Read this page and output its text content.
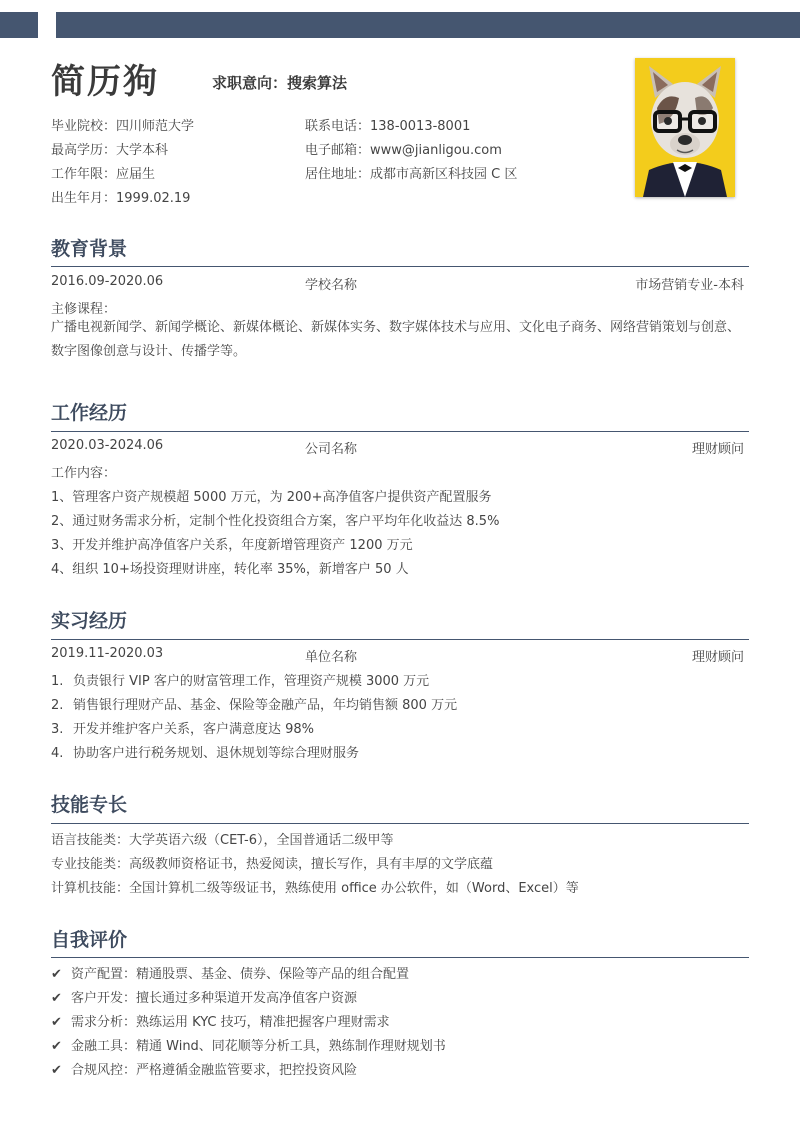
简历狗	求职意向：搜索算法
毕业院校：四川师范大学
最高学历：大学本科
工作年限：应届生
出生年月：1999.02.19
联系电话：138-0013-8001
电子邮箱：www@jianligou.com
居住地址：成都市高新区科技园 C 区
教育背景
2016.09-2020.06	学校名称	市场营销专业-本科
主修课程：
广播电视新闻学、新闻学概论、新媒体概论、新媒体实务、数字媒体技术与应用、文化电子商务、网络营销策划与创意、数字图像创意与设计、传播学等。
工作经历
2020.03-2024.06	公司名称	理财顾问
工作内容：
1、管理客户资产规模超 5000 万元，为 200+高净值客户提供资产配置服务
2、通过财务需求分析，定制个性化投资组合方案，客户平均年化收益达 8.5%
3、开发并维护高净值客户关系，年度新增管理资产 1200 万元
4、组织 10+场投资理财讲座，转化率 35%，新增客户 50 人
实习经历
2019.11-2020.03	单位名称	理财顾问
1. 负责银行 VIP 客户的财富管理工作，管理资产规模 3000 万元
2. 销售银行理财产品、基金、保险等金融产品，年均销售额 800 万元
3. 开发并维护客户关系，客户满意度达 98%
4. 协助客户进行税务规划、退休规划等综合理财服务
技能专长
语言技能类：大学英语六级（CET-6），全国普通话二级甲等
专业技能类：高级教师资格证书，热爱阅读，擅长写作，具有丰厚的文学底蕴
计算机技能：全国计算机二级等级证书，熟练使用 office 办公软件，如（Word、Excel）等
自我评价
✔ 资产配置：精通股票、基金、债券、保险等产品的组合配置
✔ 客户开发：擅长通过多种渠道开发高净值客户资源
✔ 需求分析：熟练运用 KYC 技巧，精准把握客户理财需求
✔ 金融工具：精通 Wind、同花顺等分析工具，熟练制作理财规划书
✔ 合规风控：严格遵循金融监管要求，把控投资风险
